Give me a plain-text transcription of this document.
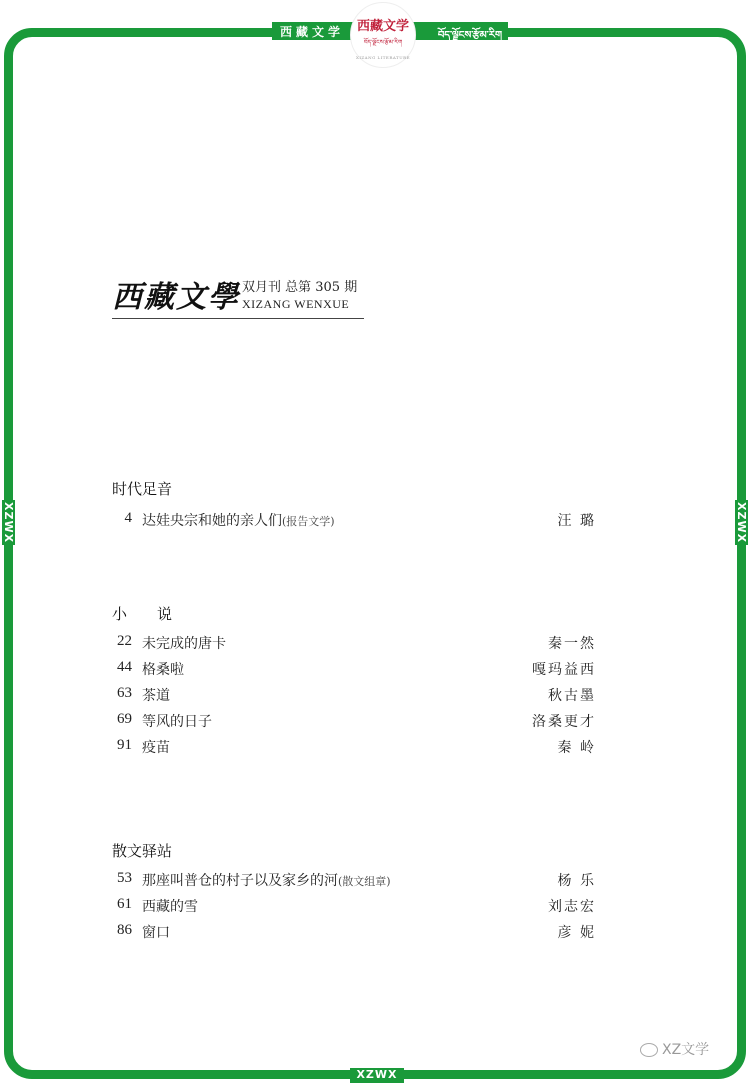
西藏文学	བོད་ལྗོངས་རྩོམ་རིག
西藏文学
བོད་ལྗོངས་རྩོམ་རིག
XIZANG LITERATURE
XZWX	XZWX
XZWX
西藏文學 双月刊 总第 305 期
XIZANG WENXUE
时代足音
4 达娃央宗和她的亲人们(报告文学)	汪 璐
小　　说
22 未完成的唐卡	秦一然
44 格桑啦	嘎玛益西
63 茶道	秋古墨
69 等风的日子	洛桑更才
91 疫苗	秦 岭
散文驿站
53 那座叫普仓的村子以及家乡的河(散文组章)	杨 乐
61 西藏的雪	刘志宏
86 窗口	彦 妮
XZ文学
